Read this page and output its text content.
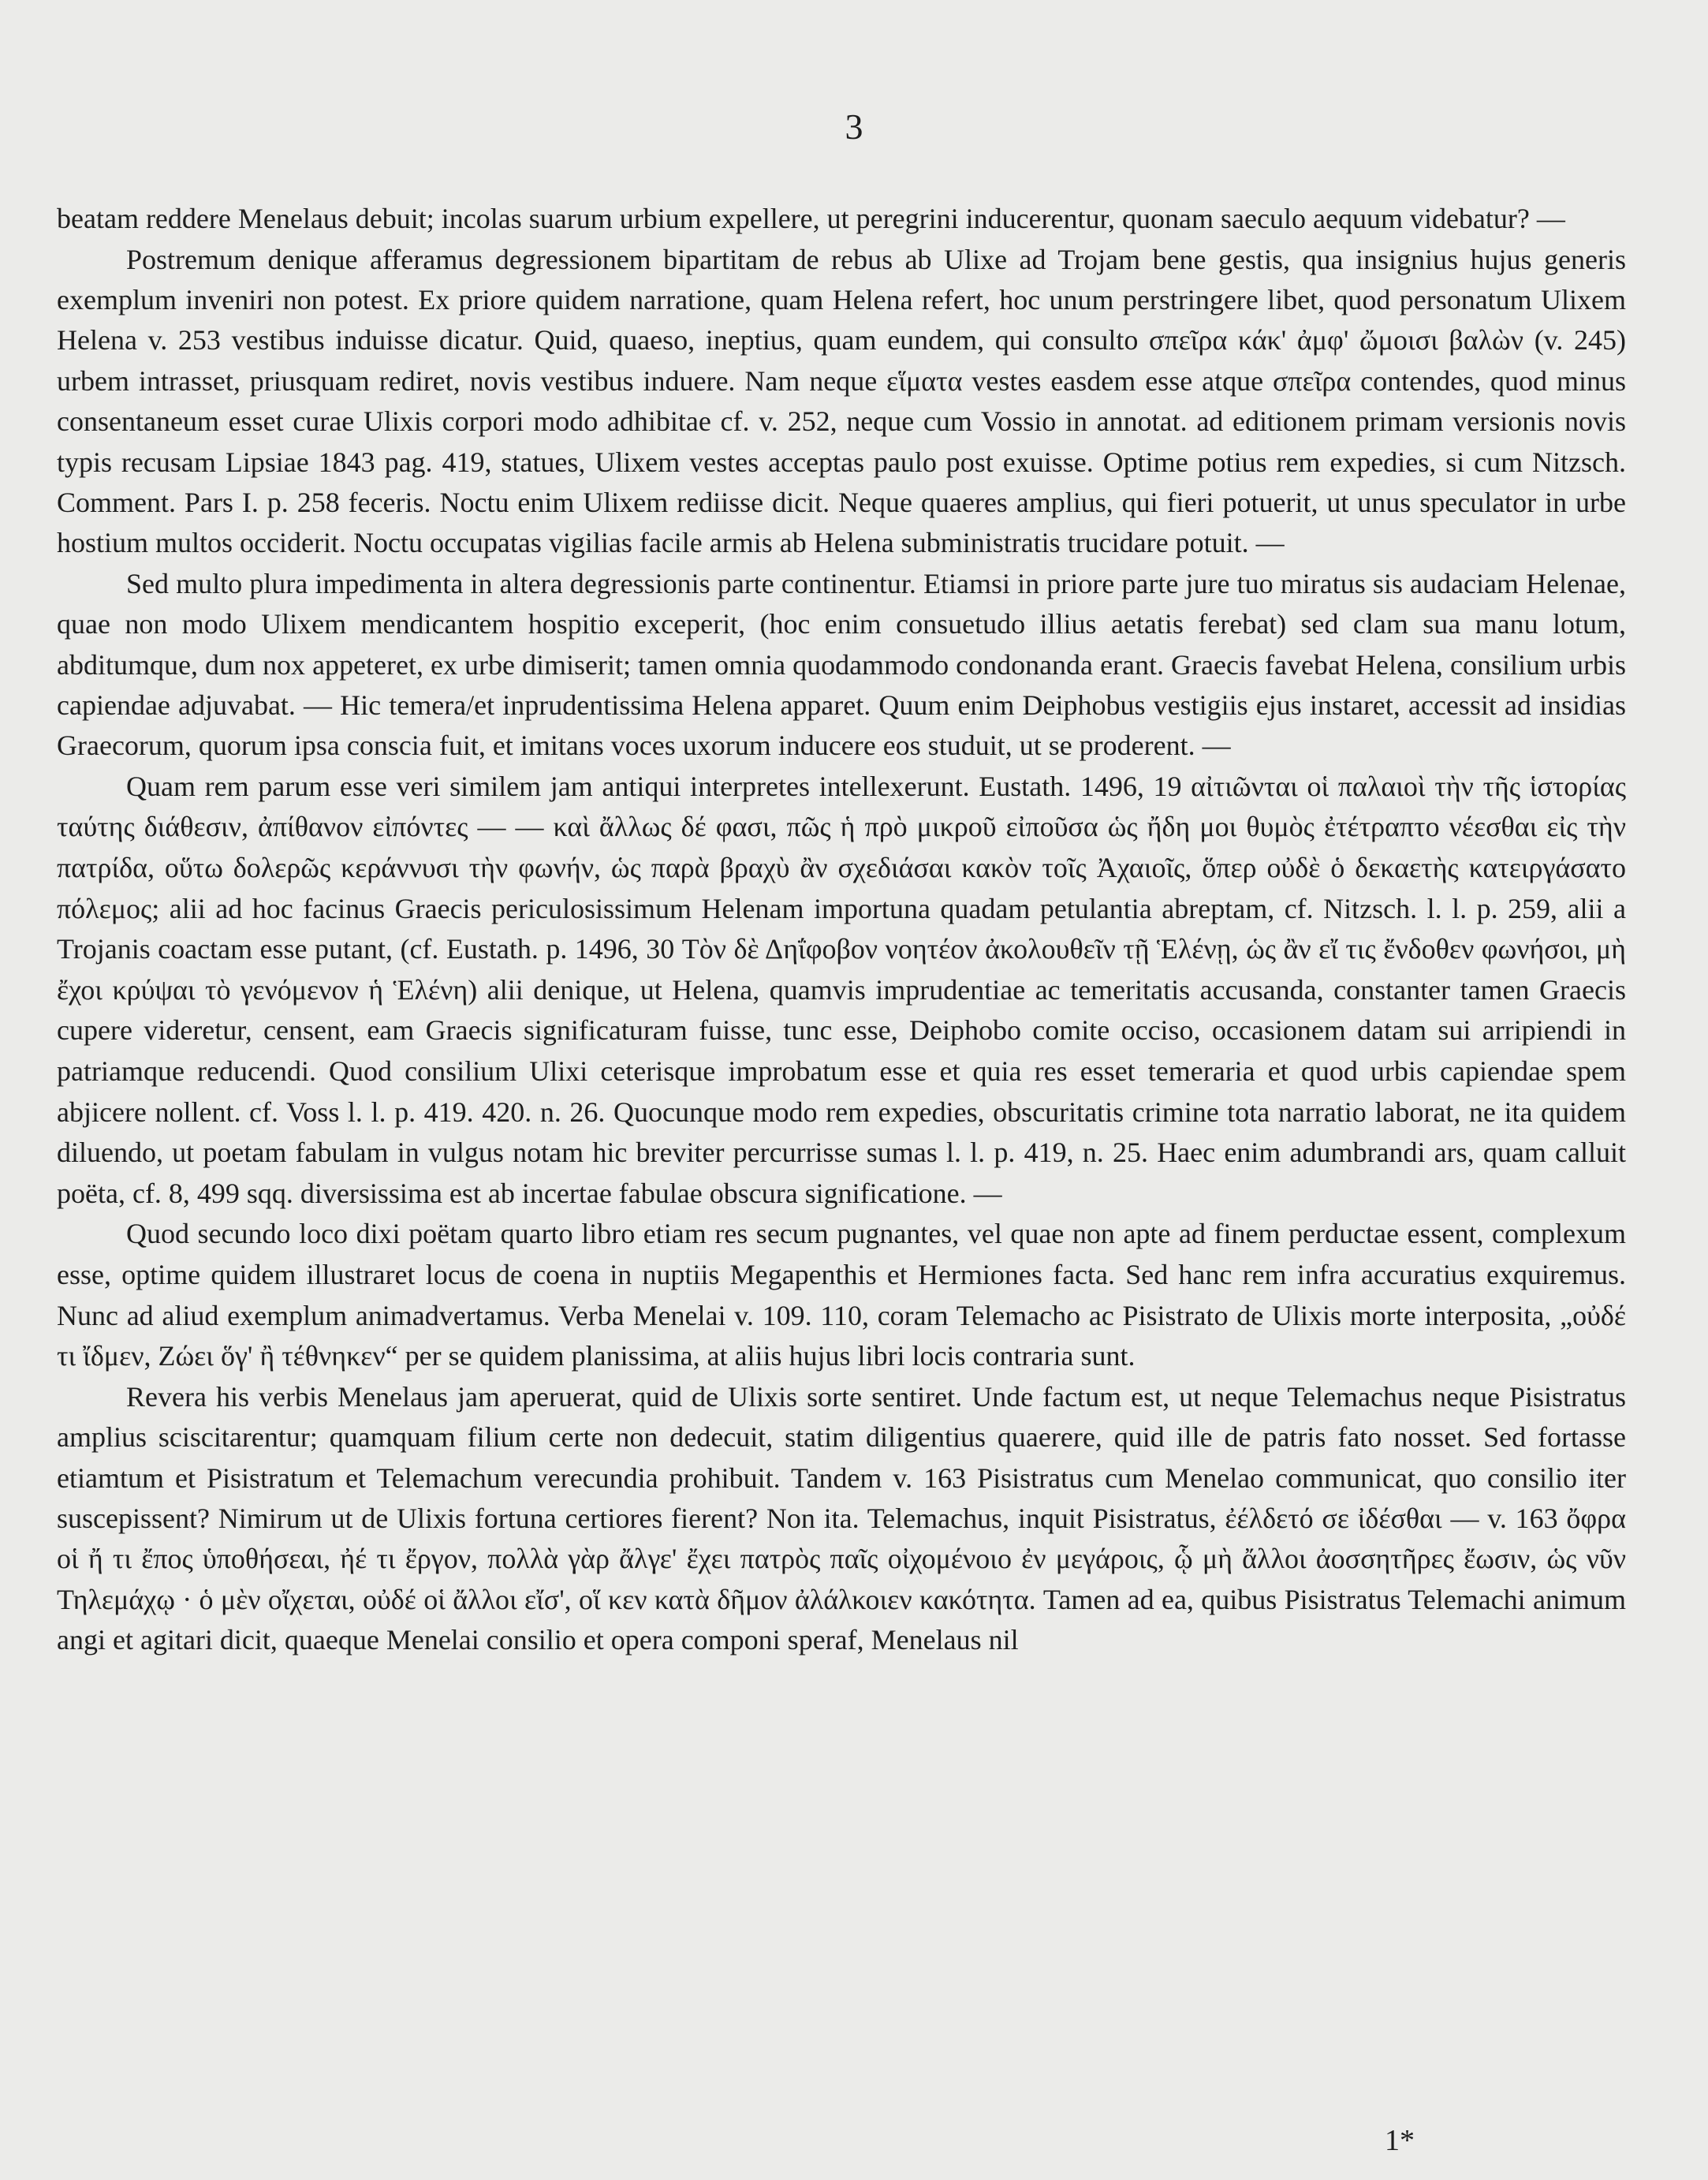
3

beatam reddere Menelaus debuit; incolas suarum urbium expellere, ut peregrini inducerentur, quonam saeculo aequum videbatur? —

Postremum denique afferamus degressionem bipartitam de rebus ab Ulixe ad Trojam bene gestis, qua insignius hujus generis exemplum inveniri non potest. Ex priore quidem narratione, quam Helena refert, hoc unum perstringere libet, quod personatum Ulixem Helena v. 253 vestibus induisse dicatur. Quid, quaeso, ineptius, quam eundem, qui consulto σπεῖρα κάκ' ἀμφ' ὤμοισι βαλὼν (v. 245) urbem intrasset, priusquam rediret, novis vestibus induere. Nam neque εἵματα vestes easdem esse atque σπεῖρα contendes, quod minus consentaneum esset curae Ulixis corpori modo adhibitae cf. v. 252, neque cum Vossio in annotat. ad editionem primam versionis novis typis recusam Lipsiae 1843 pag. 419, statues, Ulixem vestes acceptas paulo post exuisse. Optime potius rem expedies, si cum Nitzsch. Comment. Pars I. p. 258 feceris. Noctu enim Ulixem rediisse dicit. Neque quaeres amplius, qui fieri potuerit, ut unus speculator in urbe hostium multos occiderit. Noctu occupatas vigilias facile armis ab Helena subministratis trucidare potuit. —

Sed multo plura impedimenta in altera degressionis parte continentur. Etiamsi in priore parte jure tuo miratus sis audaciam Helenae, quae non modo Ulixem mendicantem hospitio exceperit, (hoc enim consuetudo illius aetatis ferebat) sed clam sua manu lotum, abditumque, dum nox appeteret, ex urbe dimiserit; tamen omnia quodammodo condonanda erant. Graecis favebat Helena, consilium urbis capiendae adjuvabat. — Hic temera/et inprudentissima Helena apparet. Quum enim Deiphobus vestigiis ejus instaret, accessit ad insidias Graecorum, quorum ipsa conscia fuit, et imitans voces uxorum inducere eos studuit, ut se proderent. —

Quam rem parum esse veri similem jam antiqui interpretes intellexerunt. Eustath. 1496, 19 αἰτιῶνται οἱ παλαιοὶ τὴν τῆς ἱστορίας ταύτης διάθεσιν, ἀπίθανον εἰπόντες — — καὶ ἄλλως δέ φασι, πῶς ἡ πρὸ μικροῦ εἰποῦσα ὡς ἤδη μοι θυμὸς ἐτέτραπτο νέεσθαι εἰς τὴν πατρίδα, οὕτω δολερῶς κεράννυσι τὴν φωνήν, ὡς παρὰ βραχὺ ἂν σχεδιάσαι κακὸν τοῖς Ἀχαιοῖς, ὅπερ οὐδὲ ὁ δεκαετὴς κατειργάσατο πόλεμος; alii ad hoc facinus Graecis periculosissimum Helenam importuna quadam petulantia abreptam, cf. Nitzsch. l. l. p. 259, alii a Trojanis coactam esse putant, (cf. Eustath. p. 1496, 30 Τὸν δὲ Δηΐφοβον νοητέον ἀκολουθεῖν τῇ Ἑλένῃ, ὡς ἂν εἴ τις ἔνδοθεν φωνήσοι, μὴ ἔχοι κρύψαι τὸ γενόμενον ἡ Ἑλένη) alii denique, ut Helena, quamvis imprudentiae ac temeritatis accusanda, constanter tamen Graecis cupere videretur, censent, eam Graecis significaturam fuisse, tunc esse, Deiphobo comite occiso, occasionem datam sui arripiendi in patriamque reducendi. Quod consilium Ulixi ceterisque improbatum esse et quia res esset temeraria et quod urbis capiendae spem abjicere nollent. cf. Voss l. l. p. 419. 420. n. 26. Quocunque modo rem expedies, obscuritatis crimine tota narratio laborat, ne ita quidem diluendo, ut poetam fabulam in vulgus notam hic breviter percurrisse sumas l. l. p. 419, n. 25. Haec enim adumbrandi ars, quam calluit poëta, cf. 8, 499 sqq. diversissima est ab incertae fabulae obscura significatione. —

Quod secundo loco dixi poëtam quarto libro etiam res secum pugnantes, vel quae non apte ad finem perductae essent, complexum esse, optime quidem illustraret locus de coena in nuptiis Megapenthis et Hermiones facta. Sed hanc rem infra accuratius exquiremus. Nunc ad aliud exemplum animadvertamus. Verba Menelai v. 109. 110, coram Telemacho ac Pisistrato de Ulixis morte interposita, „οὐδέ τι ἴδμεν, Ζώει ὅγ' ἢ τέθνηκεν“ per se quidem planissima, at aliis hujus libri locis contraria sunt.

Revera his verbis Menelaus jam aperuerat, quid de Ulixis sorte sentiret. Unde factum est, ut neque Telemachus neque Pisistratus amplius sciscitarentur; quamquam filium certe non dedecuit, statim diligentius quaerere, quid ille de patris fato nosset. Sed fortasse etiamtum et Pisistratum et Telemachum verecundia prohibuit. Tandem v. 163 Pisistratus cum Menelao communicat, quo consilio iter suscepissent? Nimirum ut de Ulixis fortuna certiores fierent? Non ita. Telemachus, inquit Pisistratus, ἐέλδετό σε ἰδέσθαι — v. 163 ὄφρα οἱ ἤ τι ἔπος ὑποθήσεαι, ἠέ τι ἔργον, πολλὰ γὰρ ἄλγε' ἔχει πατρὸς παῖς οἰχομένοιο ἐν μεγάροις, ᾧ μὴ ἄλλοι ἀοσσητῆρες ἔωσιν, ὡς νῦν Τηλεμάχῳ · ὁ μὲν οἴχεται, οὐδέ οἱ ἄλλοι εἴσ', οἵ κεν κατὰ δῆμον ἀλάλκοιεν κακότητα. Tamen ad ea, quibus Pisistratus Telemachi animum angi et agitari dicit, quaeque Menelai consilio et opera componi speraf, Menelaus nil

1*
